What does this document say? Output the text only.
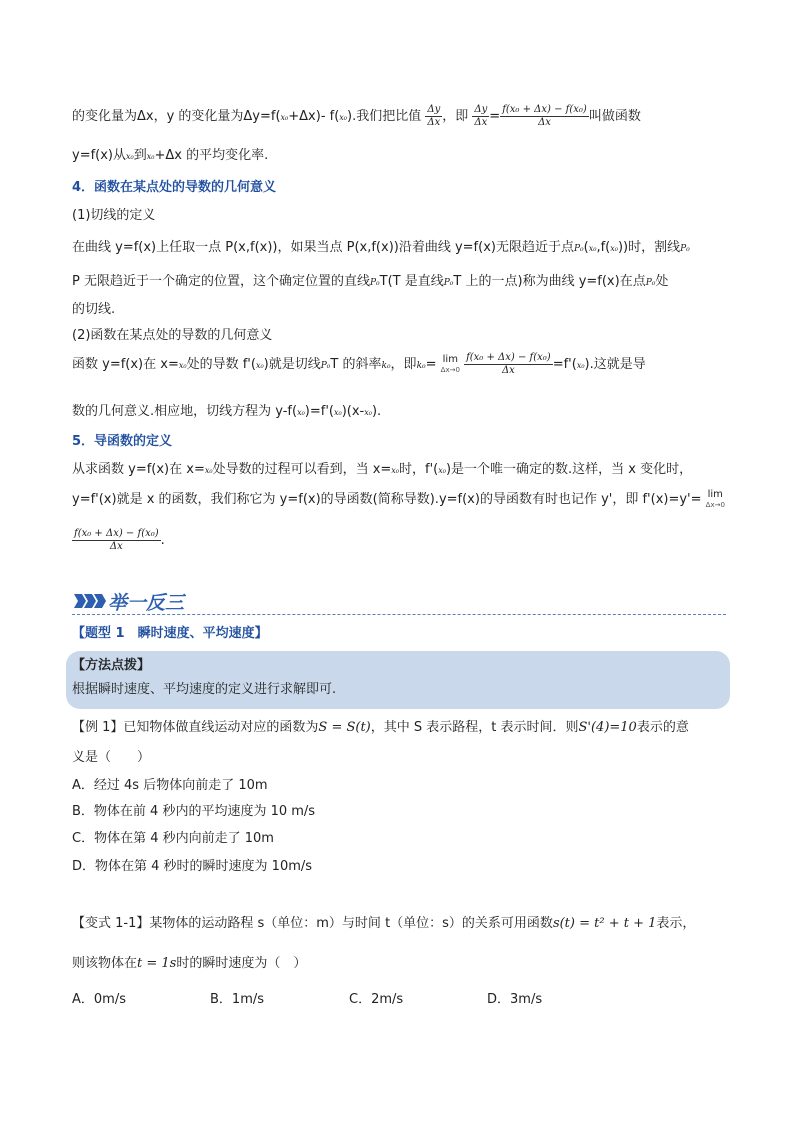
的变化量为Δx，y 的变化量为Δy=f(x₀+Δx)- f(x₀).我们把比值 $\frac{\Delta y}{\Delta x}$ ，即 $\frac{\Delta y}{\Delta x} = \frac{\text{f(x₀ + Δx) − f(x₀)}}{\Delta x}$ 叫做函数
y=f(x)从x₀到x₀+Δx 的平均变化率.
4．函数在某点处的导数的几何意义
(1)切线的定义
在曲线 y=f(x)上任取一点 P(x,f(x))，如果当点 P(x,f(x))沿着曲线 y=f(x)无限趋近于点P₀(x₀,f(x₀))时，割线P₀
P 无限趋近于一个确定的位置，这个确定位置的直线P₀T(T 是直线P₀T 上的一点)称为曲线 y=f(x)在点P₀处
的切线.
(2)函数在某点处的导数的几何意义
函数 y=f(x)在 x=x₀处的导数 f'(x₀)就是切线P₀T 的斜率k₀，即k₀= lim
Δx→0
$\frac{\text{f(x₀ + Δx) − f(x₀)}}{\Delta x} =f'(x_0)$.这就是导
数的几何意义.相应地，切线方程为 y-f(x₀)=f'(x₀)(x-x₀).
5．导函数的定义
从求函数 y=f(x)在 x=x₀处导数的过程可以看到，当 x=x₀时，f'(x₀)是一个唯一确定的数.这样，当 x 变化时，
y=f'(x)就是 x 的函数，我们称它为 y=f(x)的导函数(简称导数).y=f(x)的导函数有时也记作 y'，即 f'(x)=y'= lim
Δx→0
$\frac{\text{f(x₀ + Δx) − f(x₀)}}{\Delta x}$ .
举一反三
【题型 1　瞬时速度、平均速度】
【方法点拨】
根据瞬时速度、平均速度的定义进行求解即可.
【例 1】已知物体做直线运动对应的函数为S = S(t)，其中 S 表示路程，t 表示时间．则S'(4)=10表示的意
义是（　　）
A．经过 4s 后物体向前走了 10m
B．物体在前 4 秒内的平均速度为 10 m/s
C．物体在第 4 秒内向前走了 10m
D．物体在第 4 秒时的瞬时速度为 10m/s
【变式 1-1】某物体的运动路程 s（单位：m）与时间 t（单位：s）的关系可用函数s(t) = t² + t + 1表示，
则该物体在t = 1s时的瞬时速度为（　）
A．0m/s	B．1m/s	C．2m/s	D．3m/s
